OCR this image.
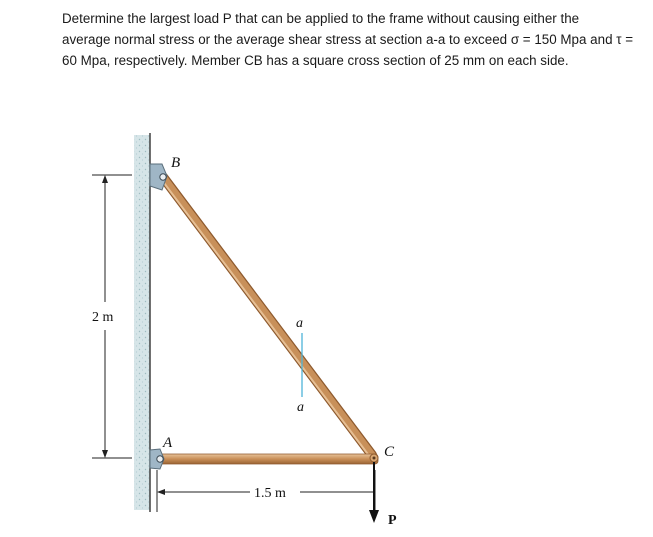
Determine the largest load P that can be applied to the frame without causing either the
average normal stress or the average shear stress at section a-a to exceed σ = 150 Mpa and τ =
60 Mpa, respectively. Member CB has a square cross section of 25 mm on each side.
2 m
1.5 m
B
A
C
P
a
a
